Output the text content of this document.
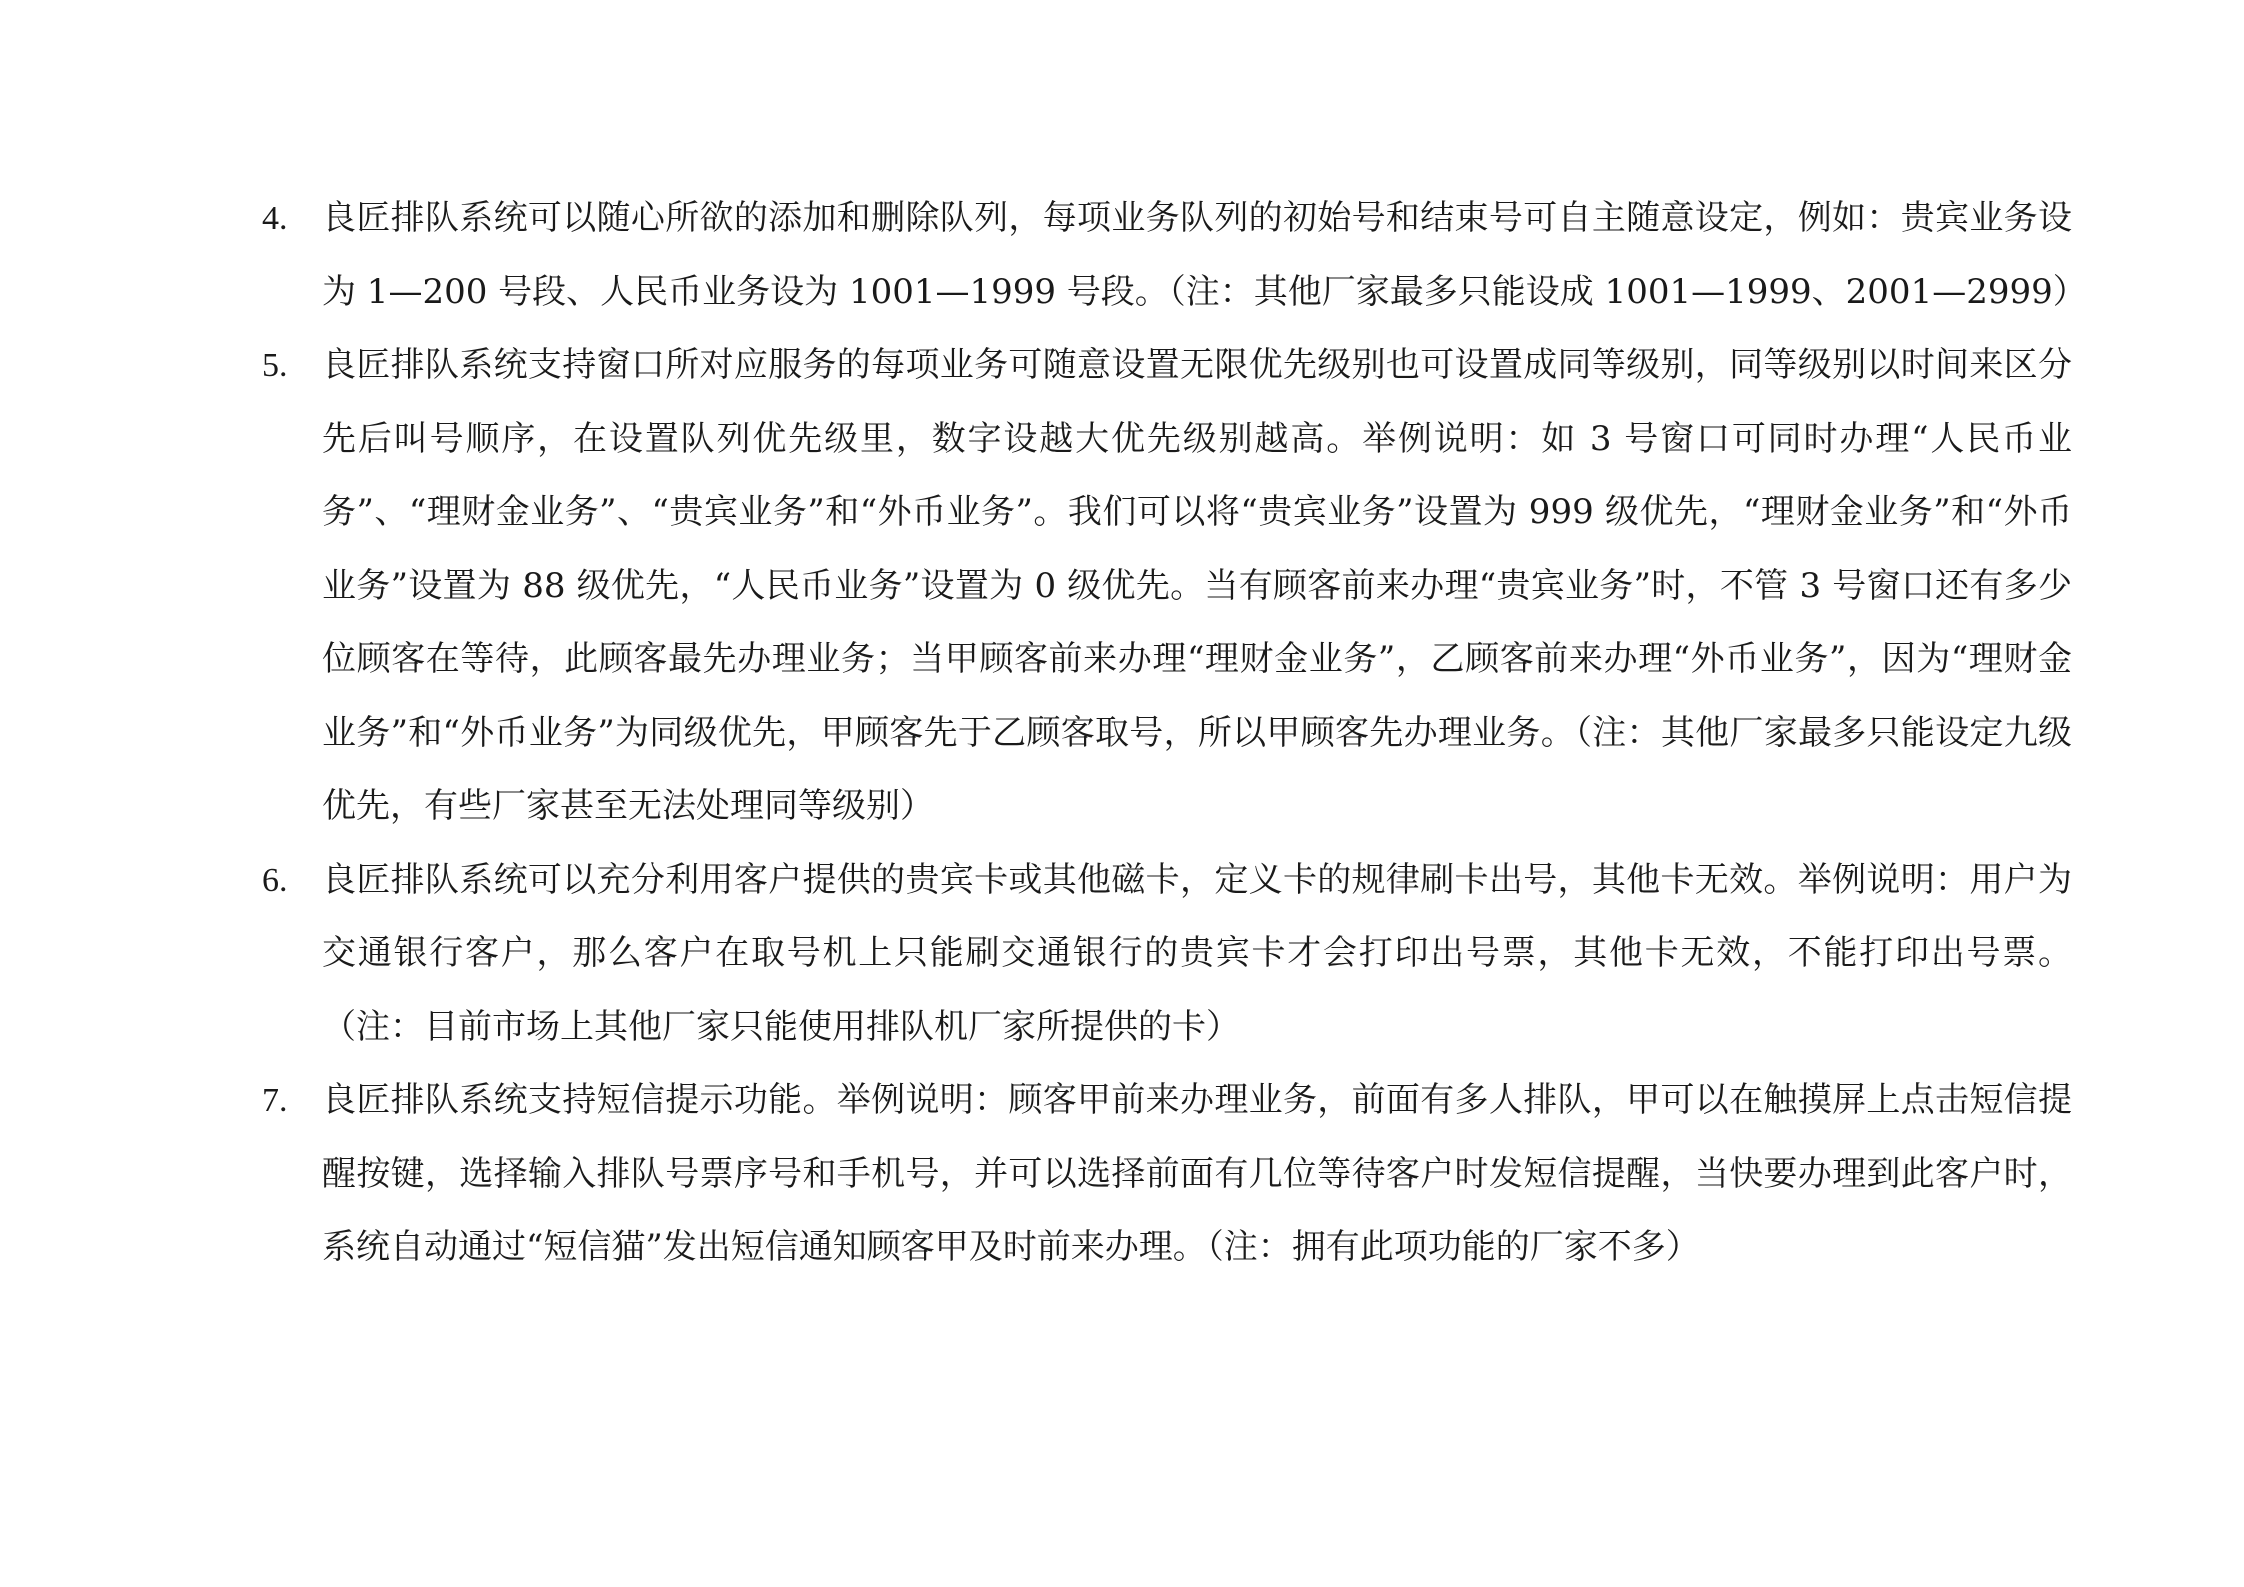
4. 良匠排队系统可以随心所欲的添加和删除队列，每项业务队列的初始号和结束号可自主随意设定，例如：贵宾业务设为 1—200 号段、人民币业务设为 1001—1999 号段。（注：其他厂家最多只能设成 1001—1999、2001—2999）
5. 良匠排队系统支持窗口所对应服务的每项业务可随意设置无限优先级别也可设置成同等级别，同等级别以时间来区分先后叫号顺序，在设置队列优先级里，数字设越大优先级别越高。举例说明：如 3 号窗口可同时办理“人民币业务”、“理财金业务”、“贵宾业务”和“外币业务”。我们可以将“贵宾业务”设置为 999 级优先，“理财金业务”和“外币业务”设置为 88 级优先，“人民币业务”设置为 0 级优先。当有顾客前来办理“贵宾业务”时，不管 3 号窗口还有多少位顾客在等待，此顾客最先办理业务；当甲顾客前来办理“理财金业务”，乙顾客前来办理“外币业务”，因为“理财金业务”和“外币业务”为同级优先，甲顾客先于乙顾客取号，所以甲顾客先办理业务。（注：其他厂家最多只能设定九级优先，有些厂家甚至无法处理同等级别）
6. 良匠排队系统可以充分利用客户提供的贵宾卡或其他磁卡，定义卡的规律刷卡出号，其他卡无效。举例说明：用户为交通银行客户，那么客户在取号机上只能刷交通银行的贵宾卡才会打印出号票，其他卡无效，不能打印出号票。（注：目前市场上其他厂家只能使用排队机厂家所提供的卡）
7. 良匠排队系统支持短信提示功能。举例说明：顾客甲前来办理业务，前面有多人排队，甲可以在触摸屏上点击短信提醒按键，选择输入排队号票序号和手机号，并可以选择前面有几位等待客户时发短信提醒，当快要办理到此客户时，系统自动通过“短信猫”发出短信通知顾客甲及时前来办理。（注：拥有此项功能的厂家不多）
